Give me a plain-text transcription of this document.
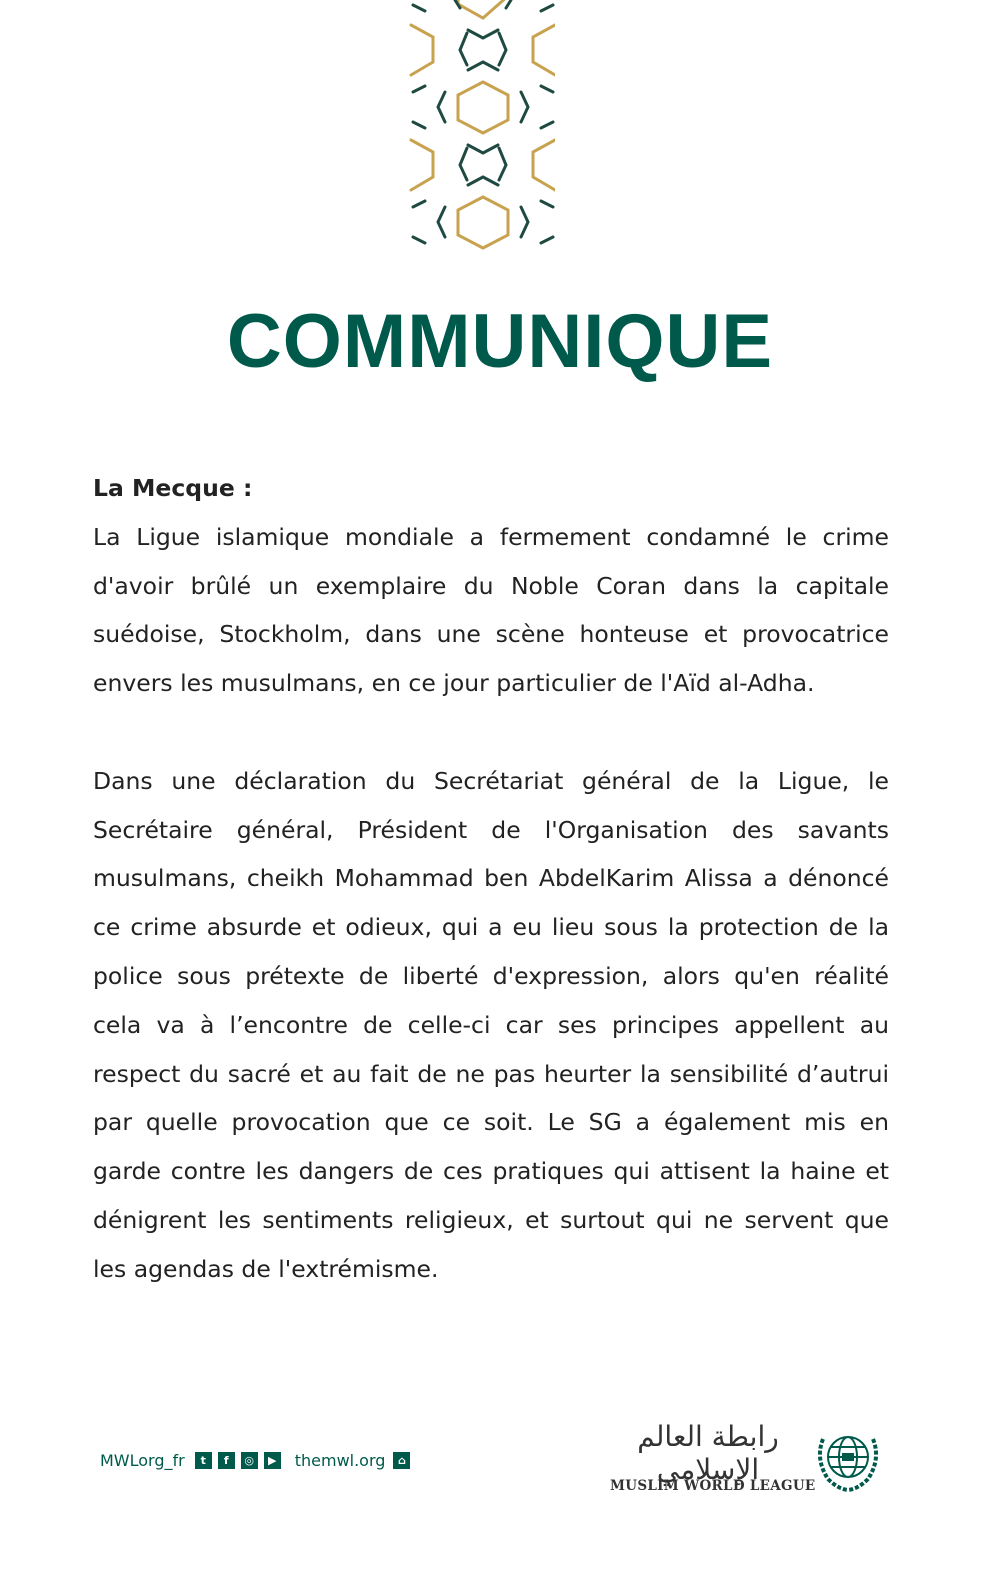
COMMUNIQUE

La Mecque :
La Ligue islamique mondiale a fermement condamné le crime d'avoir brûlé un exemplaire du Noble Coran dans la capitale suédoise, Stockholm, dans une scène honteuse et provocatrice envers les musulmans, en ce jour particulier de l'Aïd al-Adha.

Dans une déclaration du Secrétariat général de la Ligue, le Secrétaire général, Président de l'Organisation des savants musulmans, cheikh Mohammad ben AbdelKarim Alissa a dénoncé ce crime absurde et odieux, qui a eu lieu sous la protection de la police sous prétexte de liberté d'expression, alors qu'en réalité cela va à l’encontre de celle-ci car ses principes appellent au respect du sacré et au fait de ne pas heurter la sensibilité d’autrui par quelle provocation que ce soit. Le SG a également mis en garde contre les dangers de ces pratiques qui attisent la haine et dénigrent les sentiments religieux, et surtout qui ne servent que les agendas de l'extrémisme.

MWLorg_fr	t	f	◎	▶ themwl.org	⌂
رابطة العالم الإسلامي
MUSLIM WORLD LEAGUE
